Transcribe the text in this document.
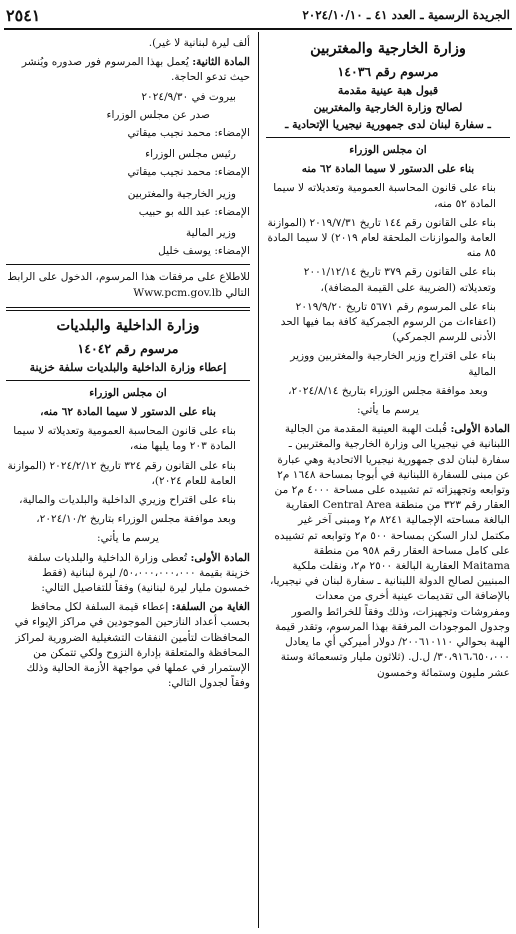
الجريدة الرسمية ـ العدد ٤١ ـ ٢٠٢٤/١٠/١٠
٢٥٤١
وزارة الخارجية والمغتربين
مرسوم رقم ١٤٠٣٦
قبول هبة عينية مقدمة
لصالح وزارة الخارجية والمغتربين
ـ سفارة لبنان لدى جمهورية نيجيريا الإتحادية ـ

ان مجلس الوزراء

بناء على الدستور لا سيما المادة ٦٢ منه

بناء على قانون المحاسبة العمومية وتعديلاته لا سيما المادة ٥٢ منه،

بناء على القانون رقم ١٤٤ تاريخ ٢٠١٩/٧/٣١ (الموازنة العامة والموازنات الملحقة لعام ٢٠١٩) لا سيما المادة ٨٥ منه

بناء على القانون رقم ٣٧٩ تاريخ ٢٠٠١/١٢/١٤ وتعديلاته (الضريبة على القيمة المضافة)،

بناء على المرسوم رقم ٥٦٧١ تاريخ ٢٠١٩/٩/٢٠ (اعفاءات من الرسوم الجمركية كافة بما فيها الحد الأدنى للرسم الجمركي)

بناء على اقتراح وزير الخارجية والمغتربين ووزير المالية

وبعد موافقة مجلس الوزراء بتاريخ ٢٠٢٤/٨/١٤،

يرسم ما يأتي:

المادة الأولى: قُبلت الهبة العينية المقدمة من الجالية اللبنانية في نيجيريا الى وزارة الخارجية والمغتربين ـ سفارة لبنان لدى جمهورية نيجيريا الاتحادية وهي عبارة عن مبنى للسفارة اللبنانية في أبوجا بمساحة ١٦٤٨ م٢ وتوابعه وتجهيزاته تم تشييده على مساحة ٤٠٠٠ م٢ من العقار رقم ٣٢٣ من منطقة Central Area العقارية البالغة مساحته الإجمالية ٨٢٤١ م٢ ومبنى آخر غير مكتمل لدار السكن بمساحة ٥٠٠ م٢ وتوابعه تم تشييده على كامل مساحة العقار رقم ٩٥٨ من منطقة Maitama العقارية البالغة ٢٥٠٠ م٢، ونقلت ملكية المبنيين لصالح الدولة اللبنانية ـ سفارة لبنان في نيجيريا، بالإضافة الى تقديمات عينية أخرى من معدات ومفروشات وتجهيزات، وذلك وفقاً للخرائط والصور وجدول الموجودات المرفقة بهذا المرسوم، وتقدر قيمة الهبة بحوالي ٢٠٠٦١٠١١٠/ دولار أميركي أي ما يعادل ٣٠،٩١٦،٦٥٠،٠٠٠/ ل.ل. (ثلاثون مليار وتسعمائة وستة عشر مليون وستمائة وخمسون

ألف ليرة لبنانية لا غير).

المادة الثانية: يُعمل بهذا المرسوم فور صدوره ويُنشر حيث تدعو الحاجة.

بيروت في ٢٠٢٤/٩/٣٠

صدر عن مجلس الوزراء

الإمضاء: محمد نجيب ميقاتي

رئيس مجلس الوزراء

الإمضاء: محمد نجيب ميقاتي

وزير الخارجية والمغتربين

الإمضاء: عبد الله بو حبيب

وزير المالية

الإمضاء: يوسف خليل

للاطلاع على مرفقات هذا المرسوم، الدخول على الرابط التالي Www.pcm.gov.lb

وزارة الداخلية والبلديات
مرسوم رقم ١٤٠٤٢
إعطاء وزارة الداخلية والبلديات سلفة خزينة

ان مجلس الوزراء

بناء على الدستور لا سيما المادة ٦٢ منه،

بناء على قانون المحاسبة العمومية وتعديلاته لا سيما المادة ٢٠٣ وما يليها منه،

بناء على القانون رقم ٣٢٤ تاريخ ٢٠٢٤/٢/١٢ (الموازنة العامة للعام ٢٠٢٤)،

بناء على اقتراح وزيري الداخلية والبلديات والمالية،

وبعد موافقة مجلس الوزراء بتاريخ ٢٠٢٤/١٠/٢،

يرسم ما يأتي:

المادة الأولى: تُعطى وزارة الداخلية والبلديات سلفة خزينة بقيمة ٥٠،٠٠٠،٠٠٠،٠٠٠/ ليرة لبنانية (فقط خمسون مليار ليرة لبنانية) وفقاً للتفاصيل التالي:

الغاية من السلفة: إعطاء قيمة السلفة لكل محافظ بحسب أعداد النازحين الموجودين في مراكز الإيواء في المحافظات لتأمين النفقات التشغيلية الضرورية لمراكز المحافظة والمتعلقة بإدارة النزوح ولكي تتمكن من الإستمرار في عملها في مواجهة الأزمة الحالية وذلك وفقاً لجدول التالي:
